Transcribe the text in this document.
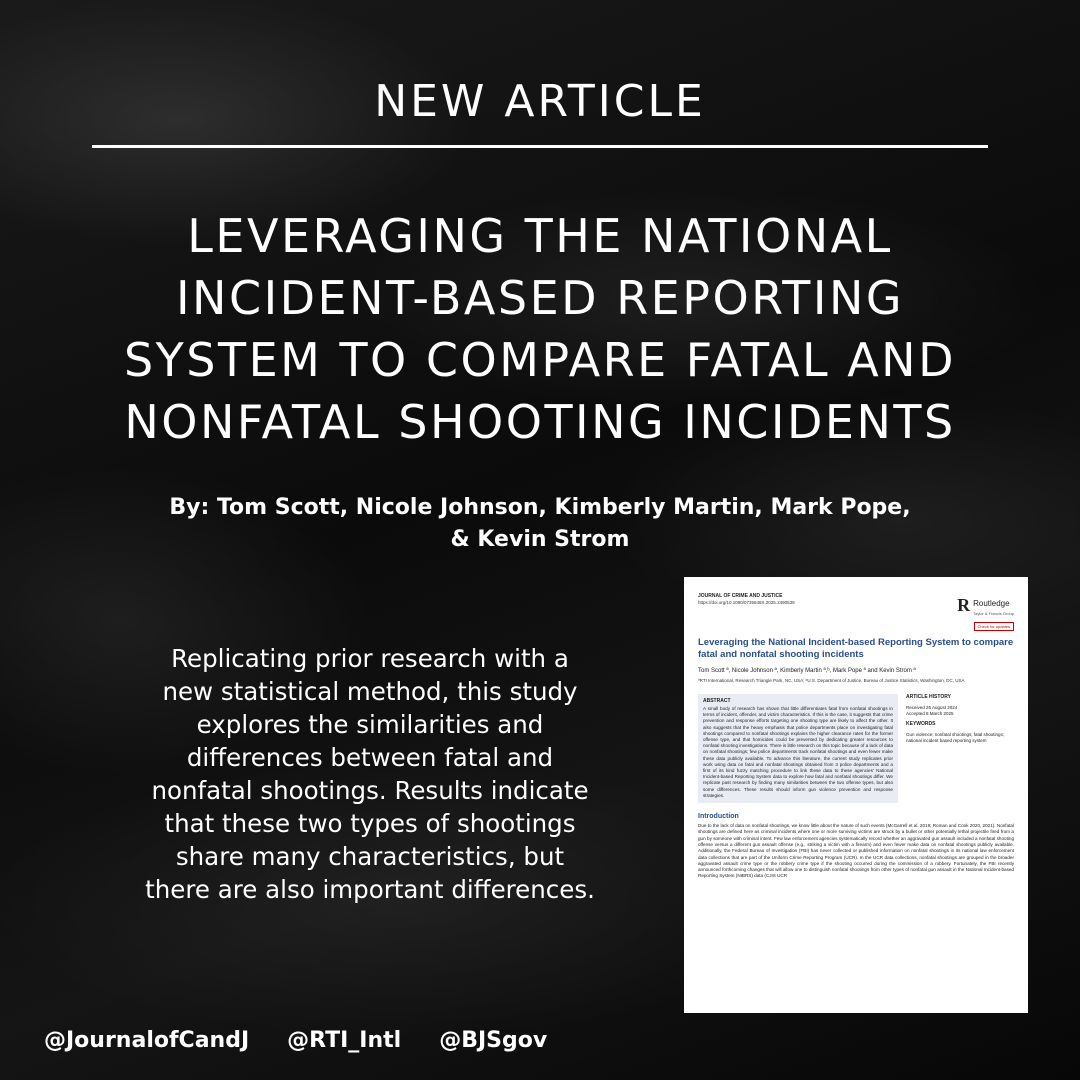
NEW ARTICLE
LEVERAGING THE NATIONAL
INCIDENT-BASED REPORTING
SYSTEM TO COMPARE FATAL AND
NONFATAL SHOOTING INCIDENTS
By: Tom Scott, Nicole Johnson, Kimberly Martin, Mark Pope,
& Kevin Strom
Replicating prior research with a
new statistical method, this study
explores the similarities and
differences between fatal and
nonfatal shootings. Results indicate
that these two types of shootings
share many characteristics, but
there are also important differences.
JOURNAL OF CRIME AND JUSTICE
https://doi.org/10.1080/0735648X.2025.2490539	R Routledge
Taylor & Francis Group
Check for updates
Leveraging the National Incident-based Reporting System to compare fatal and nonfatal shooting incidents
Tom Scott ª, Nicole Johnson ª, Kimberly Martin ª,ᵇ, Mark Pope ª and Kevin Strom ª
ªRTI International, Research Triangle Park, NC, USA; ᵇU.S. Department of Justice, Bureau of Justice Statistics, Washington, DC, USA
ABSTRACT

A small body of research has shown that little differentiates fatal from nonfatal shootings in terms of incident, offender, and victim characteristics. If this is the case, it suggests that crime prevention and response efforts targeting one shooting type are likely to affect the other. It also suggests that the heavy emphasis that police departments place on investigating fatal shootings compared to nonfatal shootings explains the higher clearance rates for the former offense type, and that homicides could be prevented by dedicating greater resources to nonfatal shooting investigations. There is little research on this topic because of a lack of data on nonfatal shootings; few police departments track nonfatal shootings and even fewer make these data publicly available. To advance this literature, the current study replicates prior work using data on fatal and nonfatal shootings obtained from 3 police departments and a first of its kind fuzzy matching procedure to link these data to these agencies' National Incident-based Reporting System data to explore how fatal and nonfatal shootings differ. We replicate past research by finding many similarities between the two offense types, but also some differences. These results should inform gun violence prevention and response strategies.

ARTICLE HISTORY
Received 26 August 2024
Accepted 8 March 2025
KEYWORDS
Gun violence; nonfatal shootings; fatal shootings; national incident based reporting system
Introduction

Due to the lack of data on nonfatal shootings, we know little about the nature of such events (McGarrell et al. 2019; Roman and Cook 2020, 2021). Nonfatal shootings are defined here as criminal incidents where one or more surviving victims are struck by a bullet or other potentially lethal projectile fired from a gun by someone with criminal intent. Few law enforcement agencies systematically record whether an aggravated gun assault included a nonfatal shooting offense versus a different gun assault offense (e.g., striking a victim with a firearm) and even fewer make data on nonfatal shootings publicly available. Additionally, the Federal Bureau of Investigation (FBI) has never collected or published information on nonfatal shootings in its national law enforcement data collections that are part of the Uniform Crime Reporting Program (UCR). In the UCR data collections, nonfatal shootings are grouped in the broader aggravated assault crime type or the robbery crime type if the shooting occurred during the commission of a robbery. Fortunately, the FBI recently announced forthcoming changes that will allow one to distinguish nonfatal shootings from other types of nonfatal gun assault in the National Incident-based Reporting System (NIBRS) data (CJIS UCR

@JournalofCandJ @RTI_Intl @BJSgov
